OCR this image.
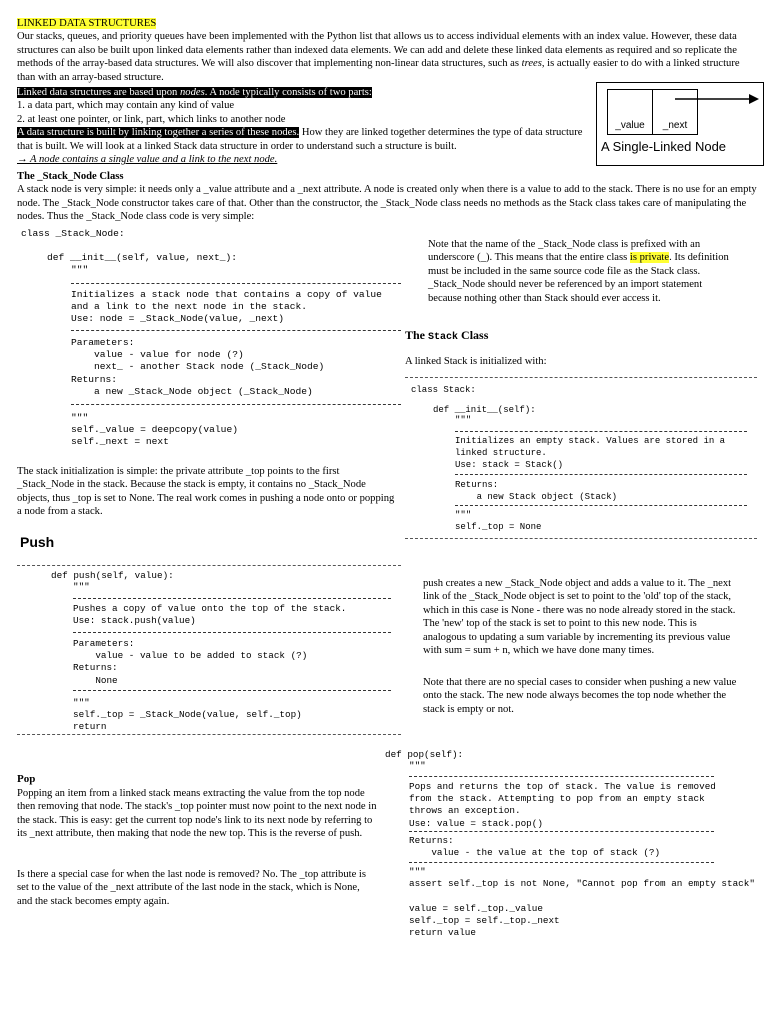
LINKED DATA STRUCTURES
Our stacks, queues, and priority queues have been implemented with the Python list that allows us to access individual elements with an index value. However, these data structures can also be built upon linked data elements rather than indexed data elements. We can add and delete these linked data elements as required and so replicate the methods of the array-based data structures. We will also discover that implementing non-linear data structures, such as trees, is actually easier to do with a linked structure than with an array-based structure.
Linked data structures are based upon nodes. A node typically consists of two parts:
1. a data part, which may contain any kind of value
2. at least one pointer, or link, part, which links to another node
A data structure is built by linking together a series of these nodes. How they are linked together determines the type of data structure that is built. We will look at a linked Stack data structure in order to understand such a structure is built.
→ A node contains a single value and a link to the next node.
_value	_next
A Single-Linked Node
The _Stack_Node Class
A stack node is very simple: it needs only a _value attribute and a _next attribute. A node is created only when there is a value to add to the stack. There is no use for an empty node. The _Stack_Node constructor takes care of that. Other than the constructor, the _Stack_Node class needs no methods as the Stack class takes care of manipulating the nodes. Thus the _Stack_Node class code is very simple:
class _Stack_Node:
def __init__(self, value, next_):
"""
Initializes a stack node that contains a copy of value
and a link to the next node in the stack.
Use: node = _Stack_Node(value, _next)
Parameters:
value - value for node (?)
next_ - another Stack node (_Stack_Node)
Returns:
a new _Stack_Node object (_Stack_Node)
"""
self._value = deepcopy(value)
self._next = next
Note that the name of the _Stack_Node class is prefixed with an underscore (_). This means that the entire class is private. Its definition must be included in the same source code file as the Stack class. _Stack_Node should never be referenced by an import statement because nothing other than Stack should ever access it.
The Stack Class
A linked Stack is initialized with:
class Stack:
def __init__(self):
"""
Initializes an empty stack. Values are stored in a
linked structure.
Use: stack = Stack()
Returns:
a new Stack object (Stack)
"""
self._top = None
The stack initialization is simple: the private attribute _top points to the first _Stack_Node in the stack. Because the stack is empty, it contains no _Stack_Node objects, thus _top is set to None. The real work comes in pushing a node onto or popping a node from a stack.
Push
def push(self, value):
"""
Pushes a copy of value onto the top of the stack.
Use: stack.push(value)
Parameters:
value - value to be added to stack (?)
Returns:
None
"""
self._top = _Stack_Node(value, self._top)
return
push creates a new _Stack_Node object and adds a value to it. The _next link of the _Stack_Node object is set to point to the 'old' top of the stack, which in this case is None - there was no node already stored in the stack. The 'new' top of the stack is set to point to this new node. This is analogous to updating a sum variable by incrementing its previous value with sum = sum + n, which we have done many times.
Note that there are no special cases to consider when pushing a new value onto the stack. The new node always becomes the top node whether the stack is empty or not.
def pop(self):
"""
Pops and returns the top of stack. The value is removed
from the stack. Attempting to pop from an empty stack
throws an exception.
Use: value = stack.pop()
Returns:
value - the value at the top of stack (?)
"""
assert self._top is not None, "Cannot pop from an empty stack"

value = self._top._value
self._top = self._top._next
return value
Pop
Popping an item from a linked stack means extracting the value from the top node then removing that node. The stack's _top pointer must now point to the next node in the stack. This is easy: get the current top node's link to its next node by referring to its _next attribute, then making that node the new top. This is the reverse of push.
Is there a special case for when the last node is removed? No. The _top attribute is set to the value of the _next attribute of the last node in the stack, which is None, and the stack becomes empty again.
